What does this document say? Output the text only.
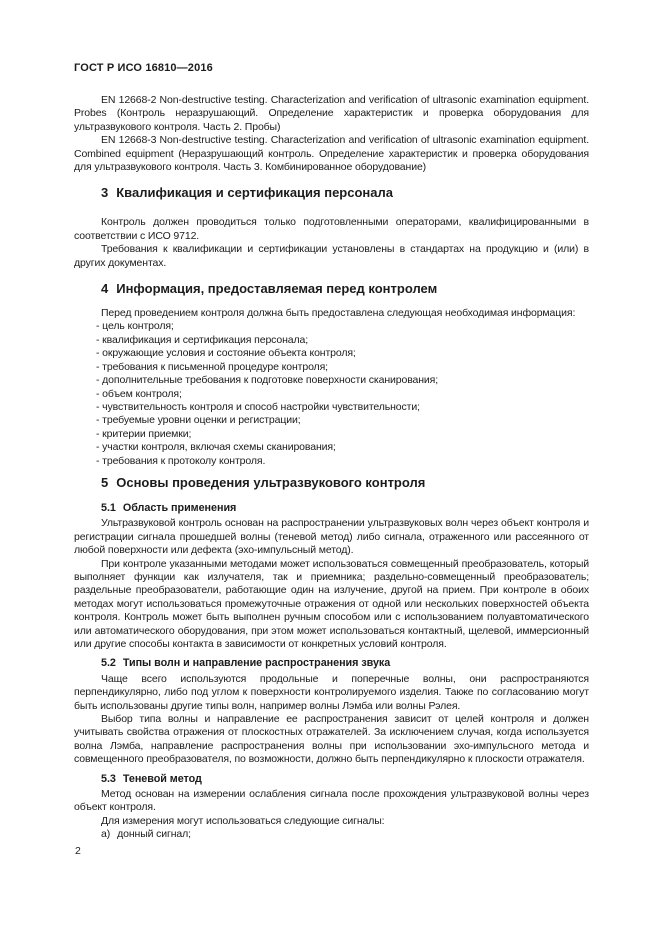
ГОСТ Р ИСО 16810—2016

EN 12668-2 Non-destructive testing. Characterization and verification of ultrasonic examination equipment. Probes (Контроль неразрушающий. Определение характеристик и проверка оборудования для ультразвукового контроля. Часть 2. Пробы)

EN 12668-3 Non-destructive testing. Characterization and verification of ultrasonic examination equipment. Combined equipment (Неразрушающий контроль. Определение характеристик и проверка оборудования для ультразвукового контроля. Часть 3. Комбинированное оборудование)

3 Квалификация и сертификация персонала

Контроль должен проводиться только подготовленными операторами, квалифицированными в соответствии с ИСО 9712.

Требования к квалификации и сертификации установлены в стандартах на продукцию и (или) в других документах.

4 Информация, предоставляемая перед контролем

Перед проведением контроля должна быть предоставлена следующая необходимая информация:

- цель контроля;
- квалификация и сертификация персонала;
- окружающие условия и состояние объекта контроля;
- требования к письменной процедуре контроля;
- дополнительные требования к подготовке поверхности сканирования;
- объем контроля;
- чувствительность контроля и способ настройки чувствительности;
- требуемые уровни оценки и регистрации;
- критерии приемки;
- участки контроля, включая схемы сканирования;
- требования к протоколу контроля.
5 Основы проведения ультразвукового контроля
5.1 Область применения

Ультразвуковой контроль основан на распространении ультразвуковых волн через объект контроля и регистрации сигнала прошедшей волны (теневой метод) либо сигнала, отраженного или рассеянного от любой поверхности или дефекта (эхо-импульсный метод).

При контроле указанными методами может использоваться совмещенный преобразователь, который выполняет функции как излучателя, так и приемника; раздельно-совмещенный преобразователь; раздельные преобразователи, работающие один на излучение, другой на прием. При контроле в обоих методах могут использоваться промежуточные отражения от одной или нескольких поверхностей объекта контроля. Контроль может быть выполнен ручным способом или с использованием полуавтоматического или автоматического оборудования, при этом может использоваться контактный, щелевой, иммерсионный или другие способы контакта в зависимости от конкретных условий контроля.

5.2 Типы волн и направление распространения звука

Чаще всего используются продольные и поперечные волны, они распространяются перпендикулярно, либо под углом к поверхности контролируемого изделия. Также по согласованию могут быть использованы другие типы волн, например волны Лэмба или волны Рэлея.

Выбор типа волны и направление ее распространения зависит от целей контроля и должен учитывать свойства отражения от плоскостных отражателей. За исключением случая, когда используется волна Лэмба, направление распространения волны при использовании эхо-импульсного метода и совмещенного преобразователя, по возможности, должно быть перпендикулярно к плоскости отражателя.

5.3 Теневой метод

Метод основан на измерении ослабления сигнала после прохождения ультразвуковой волны через объект контроля.

Для измерения могут использоваться следующие сигналы:

а) донный сигнал;
2
